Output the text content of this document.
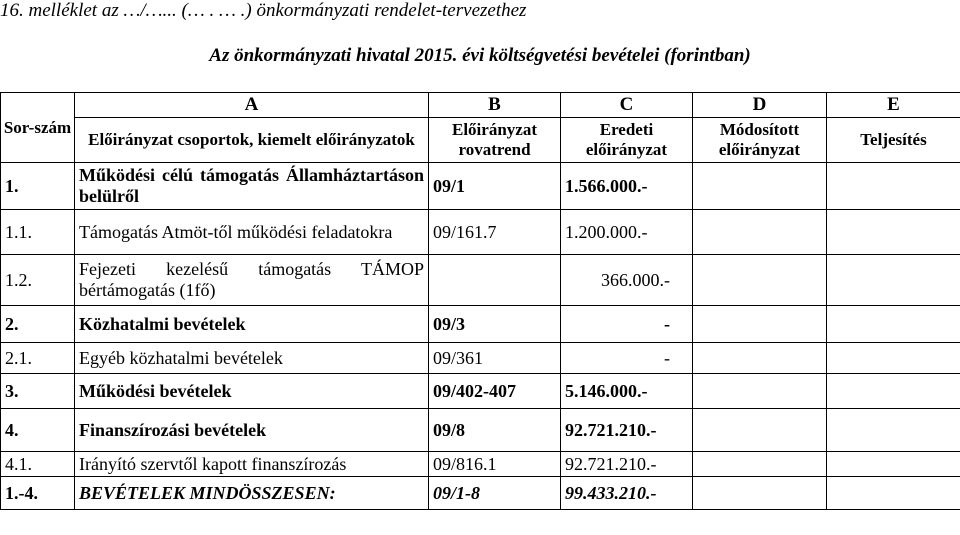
16. melléklet az …/…... (… . … .) önkormányzati rendelet-tervezethez
Az önkormányzati hivatal 2015. évi költségvetési bevételei (forintban)
Sor-szám	A	B	C	D	E
	Előirányzat csoportok, kiemelt előirányzatok	Előirányzat rovatrend	Eredeti előirányzat	Módosított előirányzat	Teljesítés
1.	Működési célú támogatás Államháztartáson belülről	09/1	1.566.000.-		
1.1.	Támogatás Atmöt-től működési feladatokra	09/161.7	1.200.000.-		
1.2.	Fejezeti kezelésű támogatás TÁMOP bértámogatás (1fő)		366.000.-		
2.	Közhatalmi bevételek	09/3	-		
2.1.	Egyéb közhatalmi bevételek	09/361	-		
3.	Működési bevételek	09/402-407	5.146.000.-		
4.	Finanszírozási bevételek	09/8	92.721.210.-		
4.1.	Irányító szervtől kapott finanszírozás	09/816.1	92.721.210.-		
1.-4.	BEVÉTELEK MINDÖSSZESEN:	09/1-8	99.433.210.-		
